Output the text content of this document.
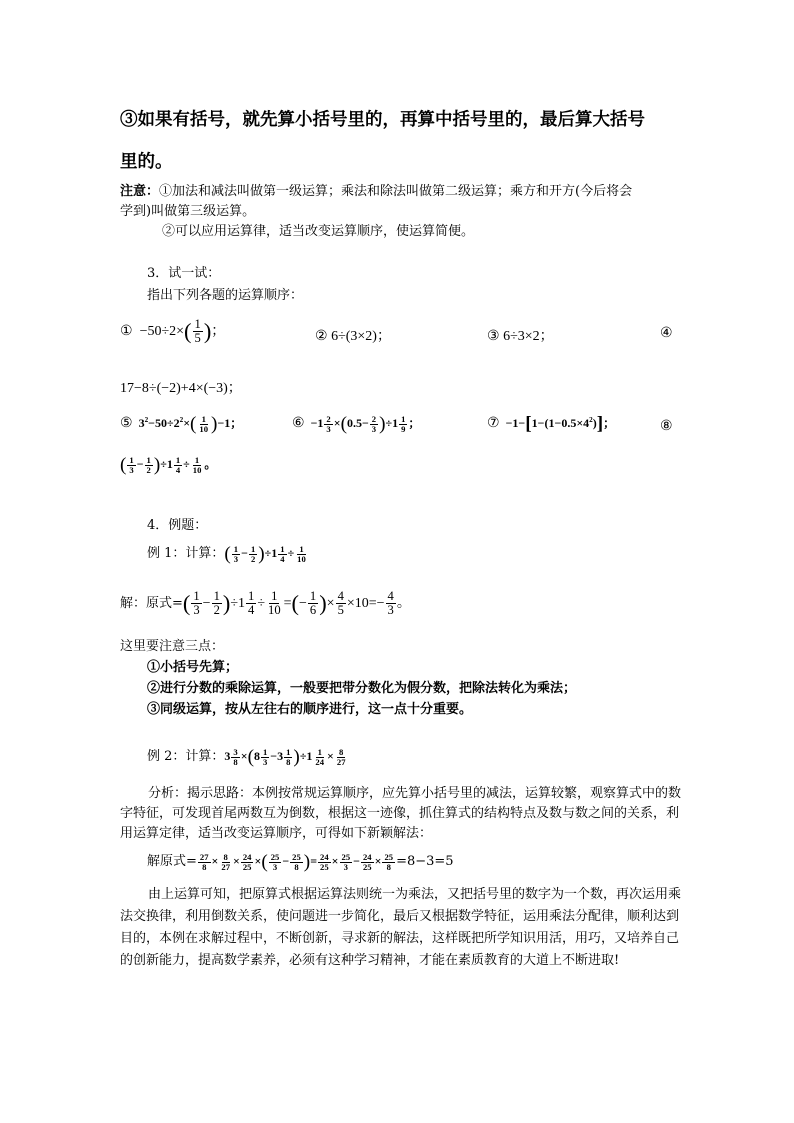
③如果有括号，就先算小括号里的，再算中括号里的，最后算大括号
里的。
注意：①加法和减法叫做第一级运算；乘法和除法叫做第二级运算；乘方和开方(今后将会
学到)叫做第三级运算。
②可以应用运算律，适当改变运算顺序，使运算简便。
3．试一试：
指出下列各题的运算顺序：
①  $-50\div 2\times( \frac{1}{5}$ )；	② 6÷(3×2)；	③ 6÷3×2；	④
17−8÷(−2)+4×(−3)；
⑤  $3^2-50\div 2^2\times( \frac{1}{10} )-1$；	⑥  $-1 \frac{2}{3} \times(0.5- \frac{2}{3} )\div 1 \frac{1}{9}$ ；	⑦  $-1-[1-(1-0.5\times 4^2)]$；	⑧
( $\frac{1}{3} - \frac{1}{2} )\div 1 \frac{1}{4} \div \frac{1}{10}$ 。
4．例题：
例 1：计算：( $\frac{1}{3} - \frac{1}{2} )\div 1 \frac{1}{4} \div \frac{1}{10}$
解：原式=( $\frac{1}{3} - \frac{1}{2} )\div 1 \frac{1}{4} \div \frac{1}{10}$ =(− $\frac{1}{6}$ )× $\frac{4}{5} \times 10=- \frac{4}{3}$ 。
这里要注意三点：
①小括号先算；
②进行分数的乘除运算，一般要把带分数化为假分数，把除法转化为乘法；
③同级运算，按从左往右的顺序进行，这一点十分重要。
例 2：计算：$3 \frac{3}{8} \times(8 \frac{1}{3} -3 \frac{1}{8} )\div 1 \frac{1}{24} \times \frac{8}{27}$
分析：揭示思路：本例按常规运算顺序，应先算小括号里的减法，运算较繁，观察算式中的数字特征，可发现首尾两数互为倒数，根据这一迹像，抓住算式的结构特点及数与数之间的关系，利用运算定律，适当改变运算顺序，可得如下新颖解法：
解原式= $\frac{27}{8} \times \frac{8}{27} \times \frac{24}{25}$ ×( $\frac{25}{3} - \frac{25}{8}$ )= $\frac{24}{25} \times \frac{25}{3} - \frac{24}{25} \times \frac{25}{8} =8-3=5$
由上运算可知，把原算式根据运算法则统一为乘法，又把括号里的数字为一个数，再次运用乘法交换律，利用倒数关系，使问题进一步简化，最后又根据数学特征，运用乘法分配律，顺利达到目的，本例在求解过程中，不断创新，寻求新的解法，这样既把所学知识用活，用巧，又培养自己的创新能力，提高数学素养，必须有这种学习精神，才能在素质教育的大道上不断进取!
